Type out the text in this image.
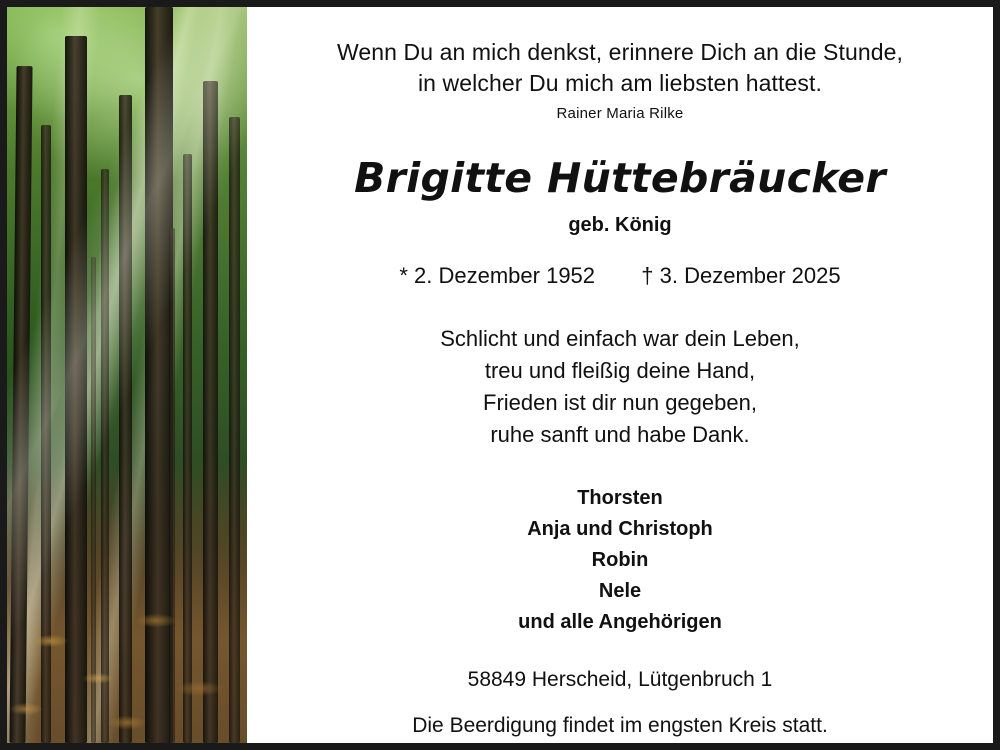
Wenn Du an mich denkst, erinnere Dich an die Stunde,
in welcher Du mich am liebsten hattest.
Rainer Maria Rilke
Brigitte Hüttebräucker
geb. König
* 2. Dezember 1952 † 3. Dezember 2025
Schlicht und einfach war dein Leben,
treu und fleißig deine Hand,
Frieden ist dir nun gegeben,
ruhe sanft und habe Dank.
Thorsten
Anja und Christoph
Robin
Nele
und alle Angehörigen
58849 Herscheid, Lütgenbruch 1
Die Beerdigung findet im engsten Kreis statt.
